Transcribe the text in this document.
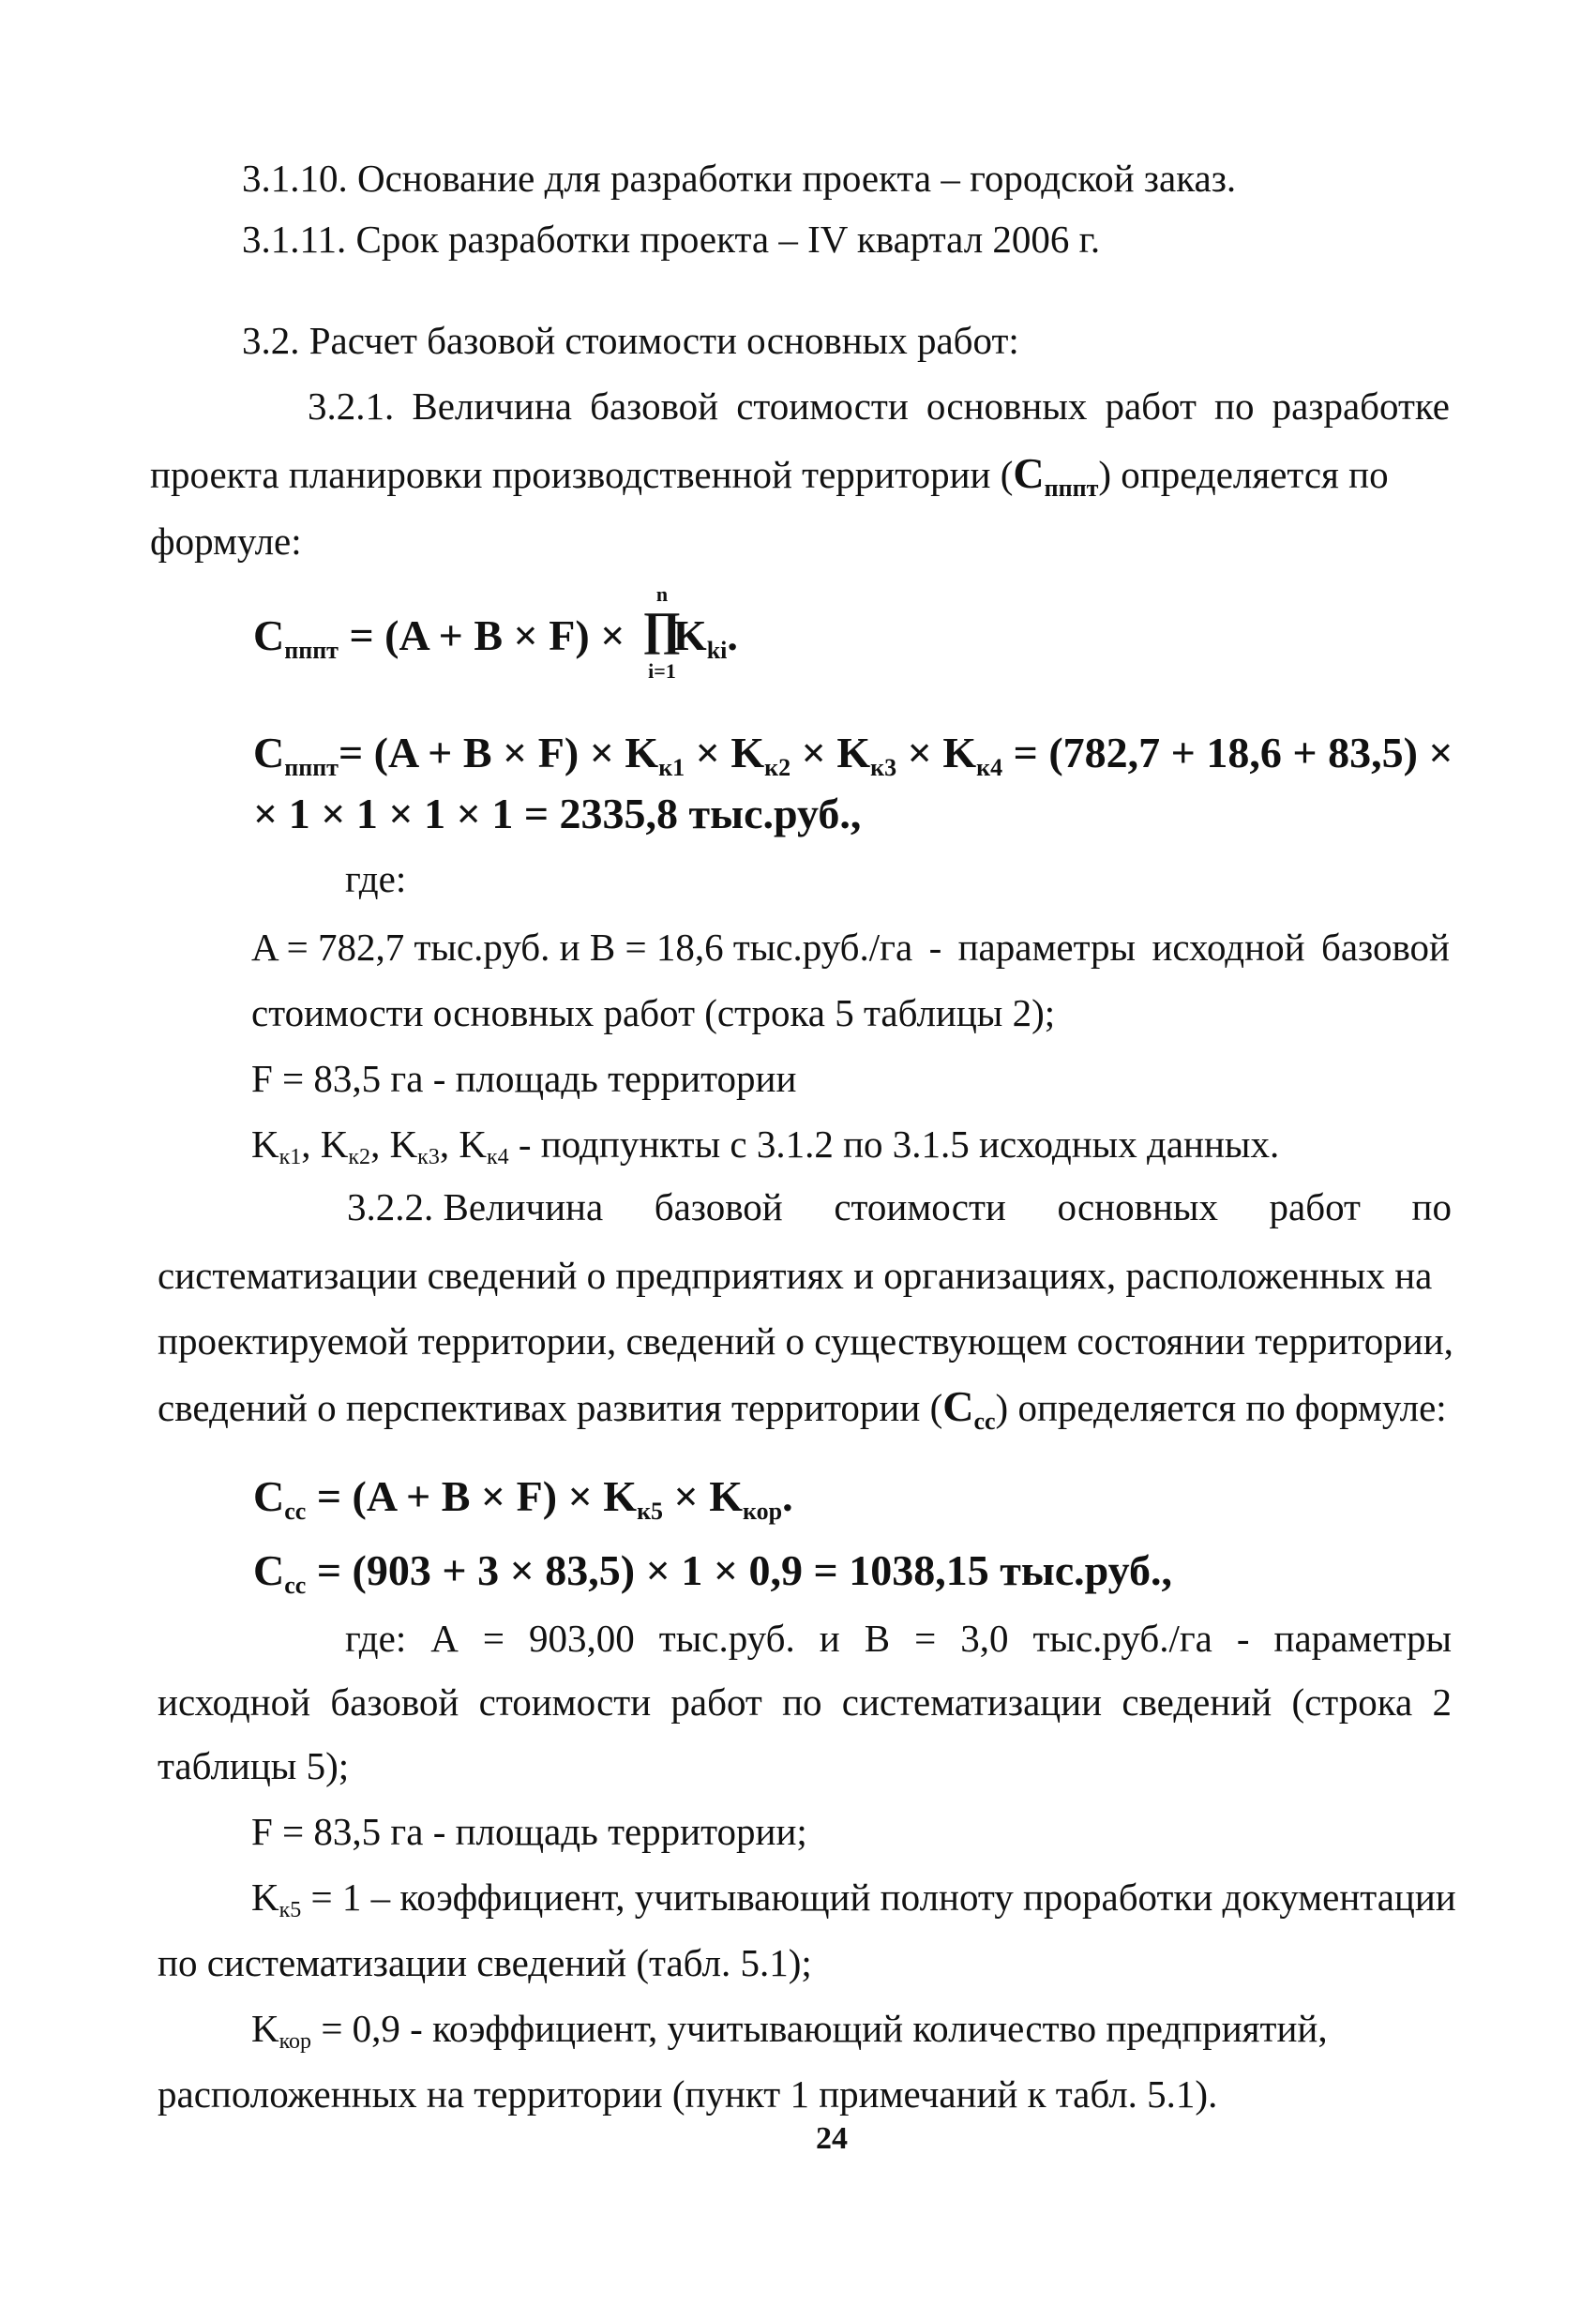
3.1.10. Основание для разработки проекта – городской заказ.
3.1.11. Срок разработки проекта – IV квартал 2006 г.
3.2. Расчет базовой стоимости основных работ:
3.2.1. Величина базовой стоимости основных работ по разработке
проекта планировки производственной территории $(C_{пппт})$ определяется по
формуле:
$C_{пппт} = (A + B \times F) \times K_{ki}$.
n
∏
i=1
$C_{пппт}= (A + B \times F) \times K_{к1} \times K_{к2} \times K_{к3} \times K_{к4} = (782,7 + 18,6 + 83,5)$ ×
× 1 × 1 × 1 × 1 = 2335,8 тыс.руб.,
где:
A = 782,7 тыс.руб. и B = 18,6 тыс.руб./га - параметры исходной базовой
стоимости основных работ (строка 5 таблицы 2);
F = 83,5 га - площадь территории
$K_{к1}$, $K_{к2}$, $K_{к3}$, $K_{к4}$ - подпункты с 3.1.2 по 3.1.5 исходных данных.
3.2.2. Величина базовой стоимости основных работ по
систематизации сведений о предприятиях и организациях, расположенных на
проектируемой территории, сведений о существующем состоянии территории,
сведений о перспективах развития территории $(C_{сс})$ определяется по формуле:
$C_{сс} = (A + B \times F) \times K_{к5} \times K_{кор}$.
$C_{сс} = (903 + 3 \times 83,5) \times 1 \times 0,9 = 1038,15$ тыс.руб.,
где: A = 903,00 тыс.руб. и B = 3,0 тыс.руб./га - параметры
исходной базовой стоимости работ по систематизации сведений (строка 2
таблицы 5);
F = 83,5 га - площадь территории;
$K_{к5} = 1$ – коэффициент, учитывающий полноту проработки документации
по систематизации сведений (табл. 5.1);
$K_{кор} = 0,9$ - коэффициент, учитывающий количество предприятий,
расположенных на территории (пункт 1 примечаний к табл. 5.1).
24
